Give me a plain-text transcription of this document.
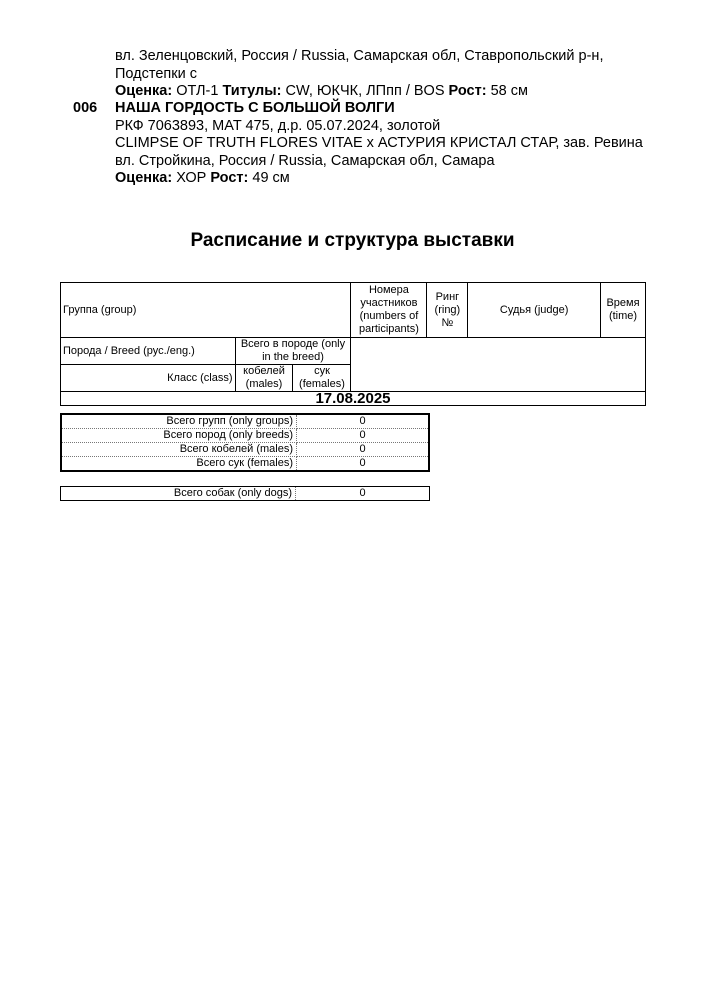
вл. Зеленцовский, Россия / Russia, Самарская обл, Ставропольский р-н, Подстепки с
Оценка: ОТЛ-1 Титулы: CW, ЮКЧК, ЛПпп / BOS Рост: 58 см
006 НАША ГОРДОСТЬ С БОЛЬШОЙ ВОЛГИ
РКФ 7063893, MAT 475, д.р. 05.07.2024, золотой
CLIMPSE OF TRUTH FLORES VITAE x АСТУРИЯ КРИСТАЛ СТАР, зав. Ревина
вл. Стройкина, Россия / Russia, Самарская обл, Самара
Оценка: ХОР Рост: 49 см
Расписание и структура выставки
Группа (group)			Номера участников (numbers of participants)	Ринг (ring) №	Судья (judge)	Время (time)
Порода / Breed (рус./eng.)	Всего в породе (only in the breed)					
Класс (class)	кобелей (males)	сук (females)				
17.08.2025						
Всего групп (only groups)	0
Всего пород (only breeds)	0
Всего кобелей (males)	0
Всего сук (females)	0
Всего собак (only dogs)	0
